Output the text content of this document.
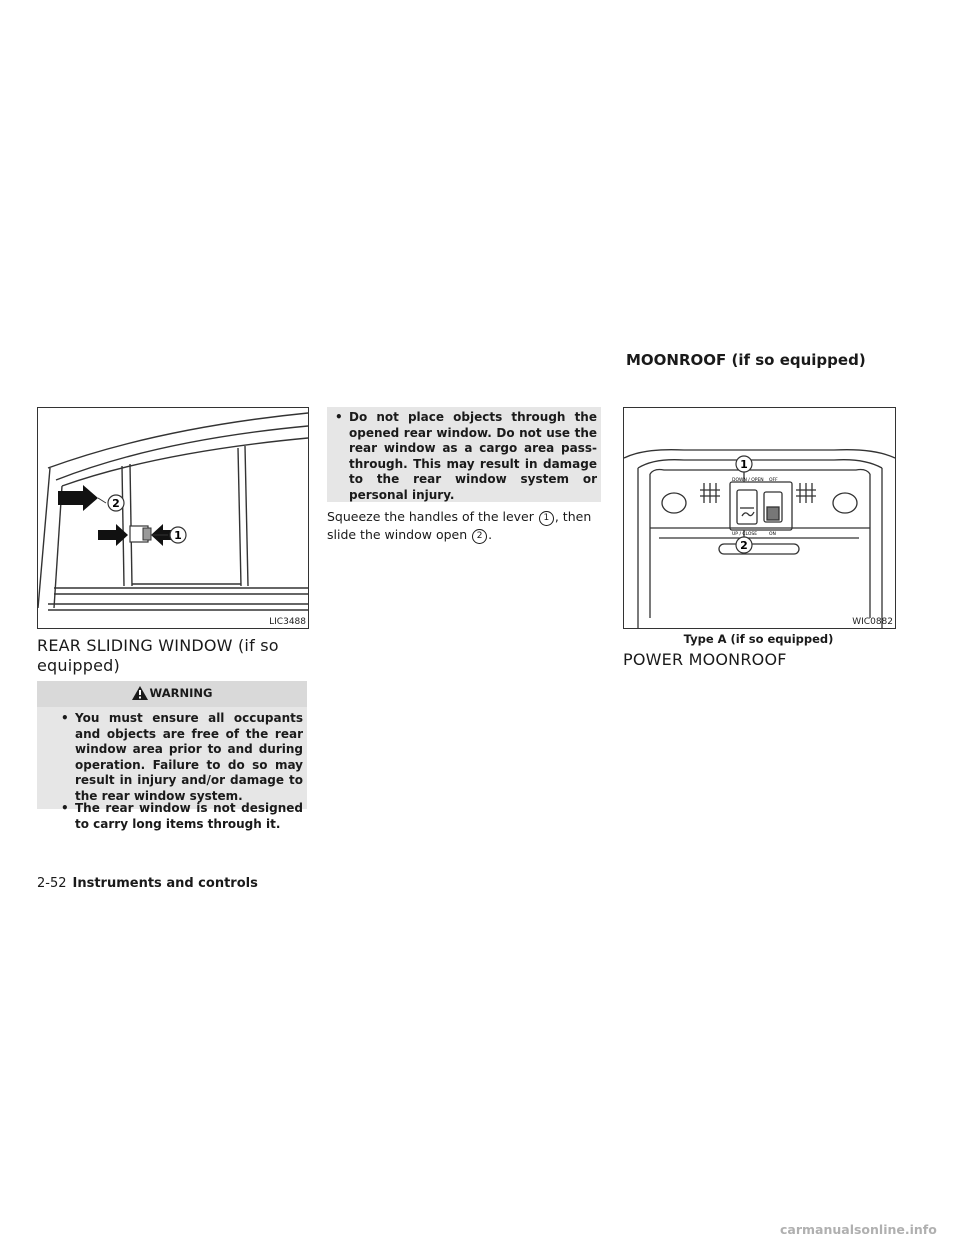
2
1
LIC3488
REAR SLIDING WINDOW (if so
equipped)
WARNING
• You must ensure all occupants and objects are free of the rear window area prior to and during operation. Failure to do so may result in injury and/or damage to the rear window system.
• The rear window is not designed to carry long items through it.
• Do not place objects through the opened rear window. Do not use the rear window as a cargo area pass-through. This may result in damage to the rear window system or personal injury.
Squeeze the handles of the lever 1 , then slide the window open 2 .
MOONROOF (if so equipped)
DOWN / OPEN OFF
UP / CLOSE	ON
1
2
WIC0882
Type A (if so equipped)
POWER MOONROOF
2-52 Instruments and controls
carmanualsonline.info
